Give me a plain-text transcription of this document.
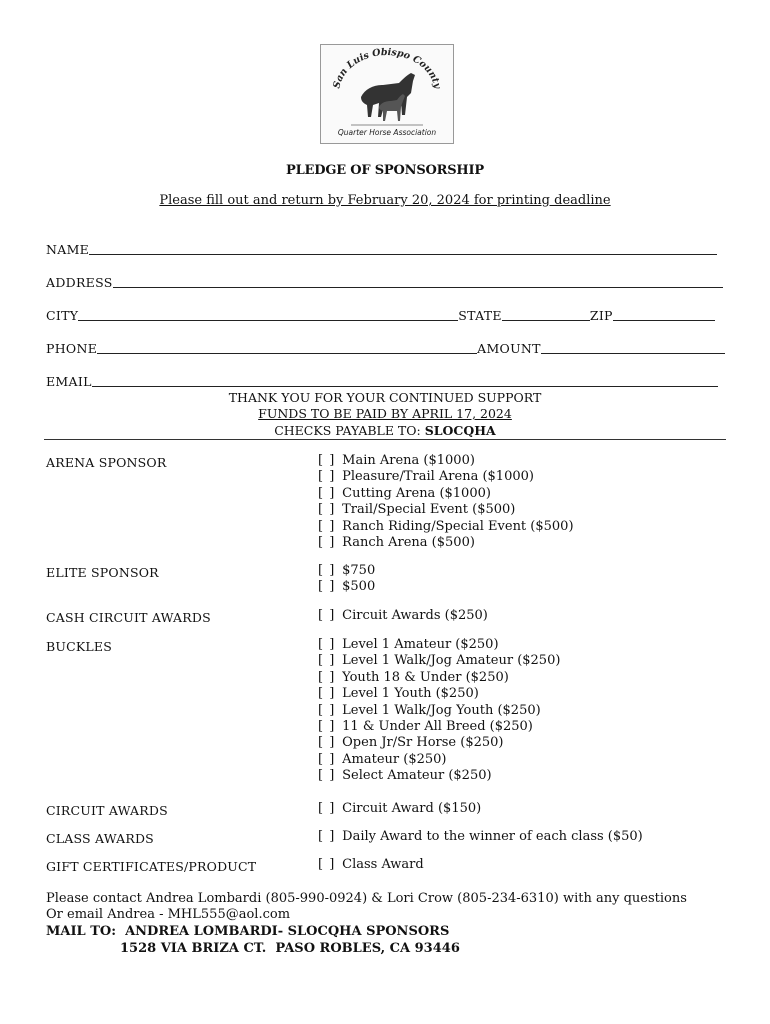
San Luis Obispo County
Quarter Horse Association
PLEDGE OF SPONSORSHIP
Please fill out and return by February 20, 2024 for printing deadline
NAME
ADDRESS
CITY	STATE	ZIP
PHONE	AMOUNT
EMAIL
THANK YOU FOR YOUR CONTINUED SUPPORT
FUNDS TO BE PAID BY APRIL 17, 2024
CHECKS PAYABLE TO: SLOCQHA
ARENA SPONSOR	[ ] Main Arena ($1000)
[ ] Pleasure/Trail Arena ($1000)
[ ] Cutting Arena ($1000)
[ ] Trail/Special Event ($500)
[ ] Ranch Riding/Special Event ($500)
[ ] Ranch Arena ($500)
ELITE SPONSOR	[ ] $750
[ ] $500
CASH CIRCUIT AWARDS	[ ] Circuit Awards ($250)
BUCKLES	[ ] Level 1 Amateur ($250)
[ ] Level 1 Walk/Jog Amateur ($250)
[ ] Youth 18 & Under ($250)
[ ] Level 1 Youth ($250)
[ ] Level 1 Walk/Jog Youth ($250)
[ ] 11 & Under All Breed ($250)
[ ] Open Jr/Sr Horse ($250)
[ ] Amateur ($250)
[ ] Select Amateur ($250)
CIRCUIT AWARDS	[ ] Circuit Award ($150)
CLASS AWARDS	[ ] Daily Award to the winner of each class ($50)
GIFT CERTIFICATES/PRODUCT	[ ] Class Award
Please contact Andrea Lombardi (805-990-0924) & Lori Crow (805-234-6310) with any questions
Or email Andrea - MHL555@aol.com
MAIL TO:  ANDREA LOMBARDI- SLOCQHA SPONSORS
1528 VIA BRIZA CT.  PASO ROBLES, CA 93446
